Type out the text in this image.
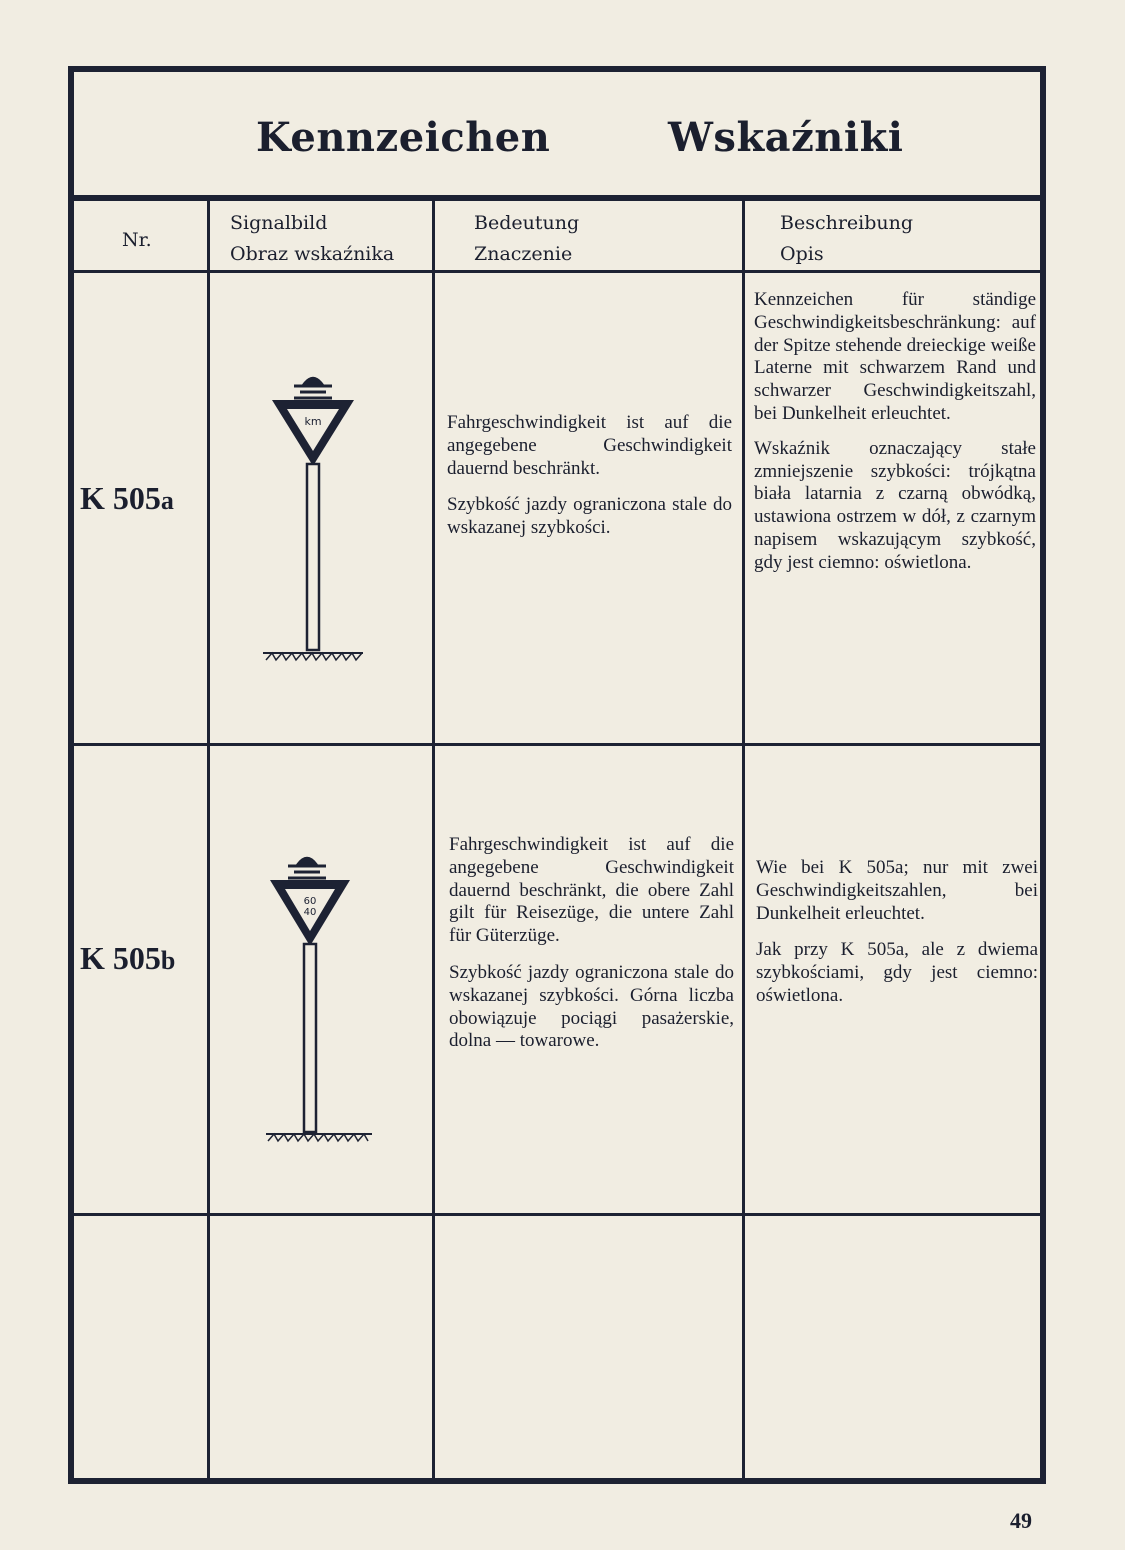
Kennzeichen	Wskaźniki
Nr.
Signalbild
Obraz wskaźnika
Bedeutung
Znaczenie
Beschreibung
Opis
K 505a
km	Fahrgeschwindigkeit ist auf die angegebene Geschwindigkeit dauernd beschränkt.

Szybkość jazdy ograniczona stale do wskazanej szybkości.

Kennzeichen für ständige Geschwindigkeitsbeschränkung: auf der Spitze stehende dreieckige weiße Laterne mit schwarzem Rand und schwarzer Geschwindigkeitszahl, bei Dunkelheit erleuchtet.

Wskaźnik oznaczający stałe zmniejszenie szybkości: trójkątna biała latarnia z czarną obwódką, ustawiona ostrzem w dół, z czarnym napisem wskazującym szybkość, gdy jest ciemno: oświetlona.

K 505b
60
40

Fahrgeschwindigkeit ist auf die angegebene Geschwindigkeit dauernd beschränkt, die obere Zahl gilt für Reisezüge, die untere Zahl für Güterzüge.

Szybkość jazdy ograniczona stale do wskazanej szybkości. Górna liczba obowiązuje pociągi pasażerskie, dolna — towarowe.

Wie bei K 505a; nur mit zwei Geschwindigkeitszahlen, bei Dunkelheit erleuchtet.

Jak przy K 505a, ale z dwiema szybkościami, gdy jest ciemno: oświetlona.

49
